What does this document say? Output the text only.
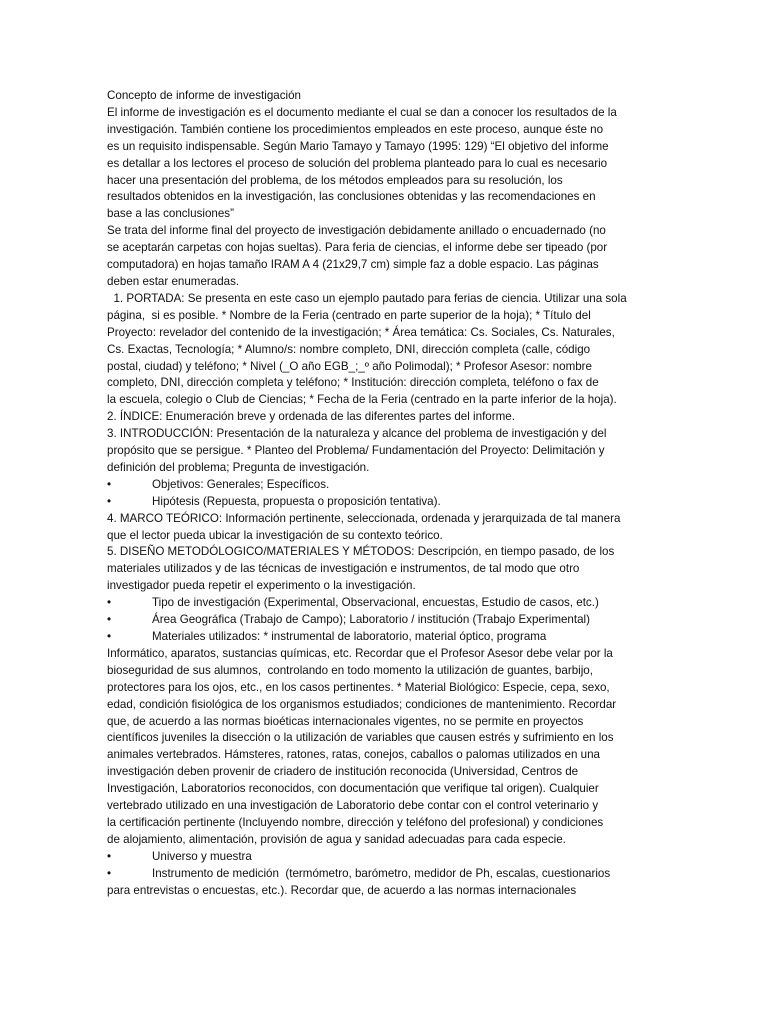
Concepto de informe de investigación
El informe de investigación es el documento mediante el cual se dan a conocer los resultados de la
investigación. También contiene los procedimientos empleados en este proceso, aunque éste no
es un requisito indispensable. Según Mario Tamayo y Tamayo (1995: 129) “El objetivo del informe
es detallar a los lectores el proceso de solución del problema planteado para lo cual es necesario
hacer una presentación del problema, de los métodos empleados para su resolución, los
resultados obtenidos en la investigación, las conclusiones obtenidas y las recomendaciones en
base a las conclusiones”
Se trata del informe final del proyecto de investigación debidamente anillado o encuadernado (no
se aceptarán carpetas con hojas sueltas). Para feria de ciencias, el informe debe ser tipeado (por
computadora) en hojas tamaño IRAM A 4 (21x29,7 cm) simple faz a doble espacio. Las páginas
deben estar enumeradas.
1. PORTADA: Se presenta en este caso un ejemplo pautado para ferias de ciencia. Utilizar una sola
página,  si es posible. * Nombre de la Feria (centrado en parte superior de la hoja); * Título del
Proyecto: revelador del contenido de la investigación; * Área temática: Cs. Sociales, Cs. Naturales,
Cs. Exactas, Tecnología; * Alumno/s: nombre completo, DNI, dirección completa (calle, código
postal, ciudad) y teléfono; * Nivel (_O año EGB_;_º año Polimodal); * Profesor Asesor: nombre
completo, DNI, dirección completa y teléfono; * Institución: dirección completa, teléfono o fax de
la escuela, colegio o Club de Ciencias; * Fecha de la Feria (centrado en la parte inferior de la hoja).
2. ÍNDICE: Enumeración breve y ordenada de las diferentes partes del informe.
3. INTRODUCCIÓN: Presentación de la naturaleza y alcance del problema de investigación y del
propósito que se persigue. * Planteo del Problema/ Fundamentación del Proyecto: Delimitación y
definición del problema; Pregunta de investigación.
•	Objetivos: Generales; Específicos.
•	Hipótesis (Repuesta, propuesta o proposición tentativa).
4. MARCO TEÓRICO: Información pertinente, seleccionada, ordenada y jerarquizada de tal manera
que el lector pueda ubicar la investigación de su contexto teórico.
5. DISEÑO METODÓLOGICO/MATERIALES Y MÉTODOS: Descripción, en tiempo pasado, de los
materiales utilizados y de las técnicas de investigación e instrumentos, de tal modo que otro
investigador pueda repetir el experimento o la investigación.
•	Tipo de investigación (Experimental, Observacional, encuestas, Estudio de casos, etc.)
•	Área Geográfica (Trabajo de Campo); Laboratorio / institución (Trabajo Experimental)
•	Materiales utilizados: * instrumental de laboratorio, material óptico, programa
Informático, aparatos, sustancias químicas, etc. Recordar que el Profesor Asesor debe velar por la
bioseguridad de sus alumnos,  controlando en todo momento la utilización de guantes, barbijo,
protectores para los ojos, etc., en los casos pertinentes. * Material Biológico: Especie, cepa, sexo,
edad, condición fisiológica de los organismos estudiados; condiciones de mantenimiento. Recordar
que, de acuerdo a las normas bioéticas internacionales vigentes, no se permite en proyectos
científicos juveniles la disección o la utilización de variables que causen estrés y sufrimiento en los
animales vertebrados. Hámsteres, ratones, ratas, conejos, caballos o palomas utilizados en una
investigación deben provenir de criadero de institución reconocida (Universidad, Centros de
Investigación, Laboratorios reconocidos, con documentación que verifique tal origen). Cualquier
vertebrado utilizado en una investigación de Laboratorio debe contar con el control veterinario y
la certificación pertinente (Incluyendo nombre, dirección y teléfono del profesional) y condiciones
de alojamiento, alimentación, provisión de agua y sanidad adecuadas para cada especie.
•	Universo y muestra
•	Instrumento de medición  (termómetro, barómetro, medidor de Ph, escalas, cuestionarios
para entrevistas o encuestas, etc.). Recordar que, de acuerdo a las normas internacionales
